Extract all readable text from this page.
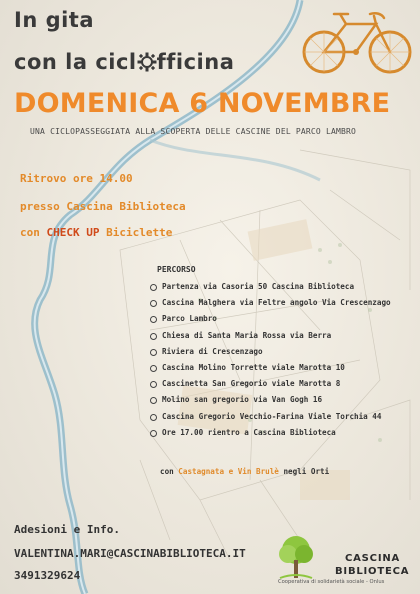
In gita
con la cicl fficina
DOMENICA 6 NOVEMBRE
UNA CICLOPASSEGGIATA ALLA SCOPERTA DELLE CASCINE DEL PARCO LAMBRO
Ritrovo ore 14.00
presso Cascina Biblioteca
con CHECK UP Biciclette
PERCORSO
Partenza via Casoria 50 Cascina Biblioteca
Cascina Malghera via Feltre angolo Via Crescenzago
Parco Lambro
Chiesa di Santa Maria Rossa via Berra
Riviera di Crescenzago
Cascina Molino Torrette viale Marotta 10
Cascinetta San Gregorio viale Marotta 8
Molino san gregorio via Van Gogh 16
Cascina Gregorio Vecchio-Farina Viale Torchia 44
Ore 17.00 rientro a Cascina Biblioteca
con Castagnata e Vin Brulè negli Orti
Adesioni e Info.
VALENTINA.MARI@CASCINABIBLIOTECA.IT
3491329624
CASCINA
BIBLIOTECA
Cooperativa di solidarietà sociale - Onlus
